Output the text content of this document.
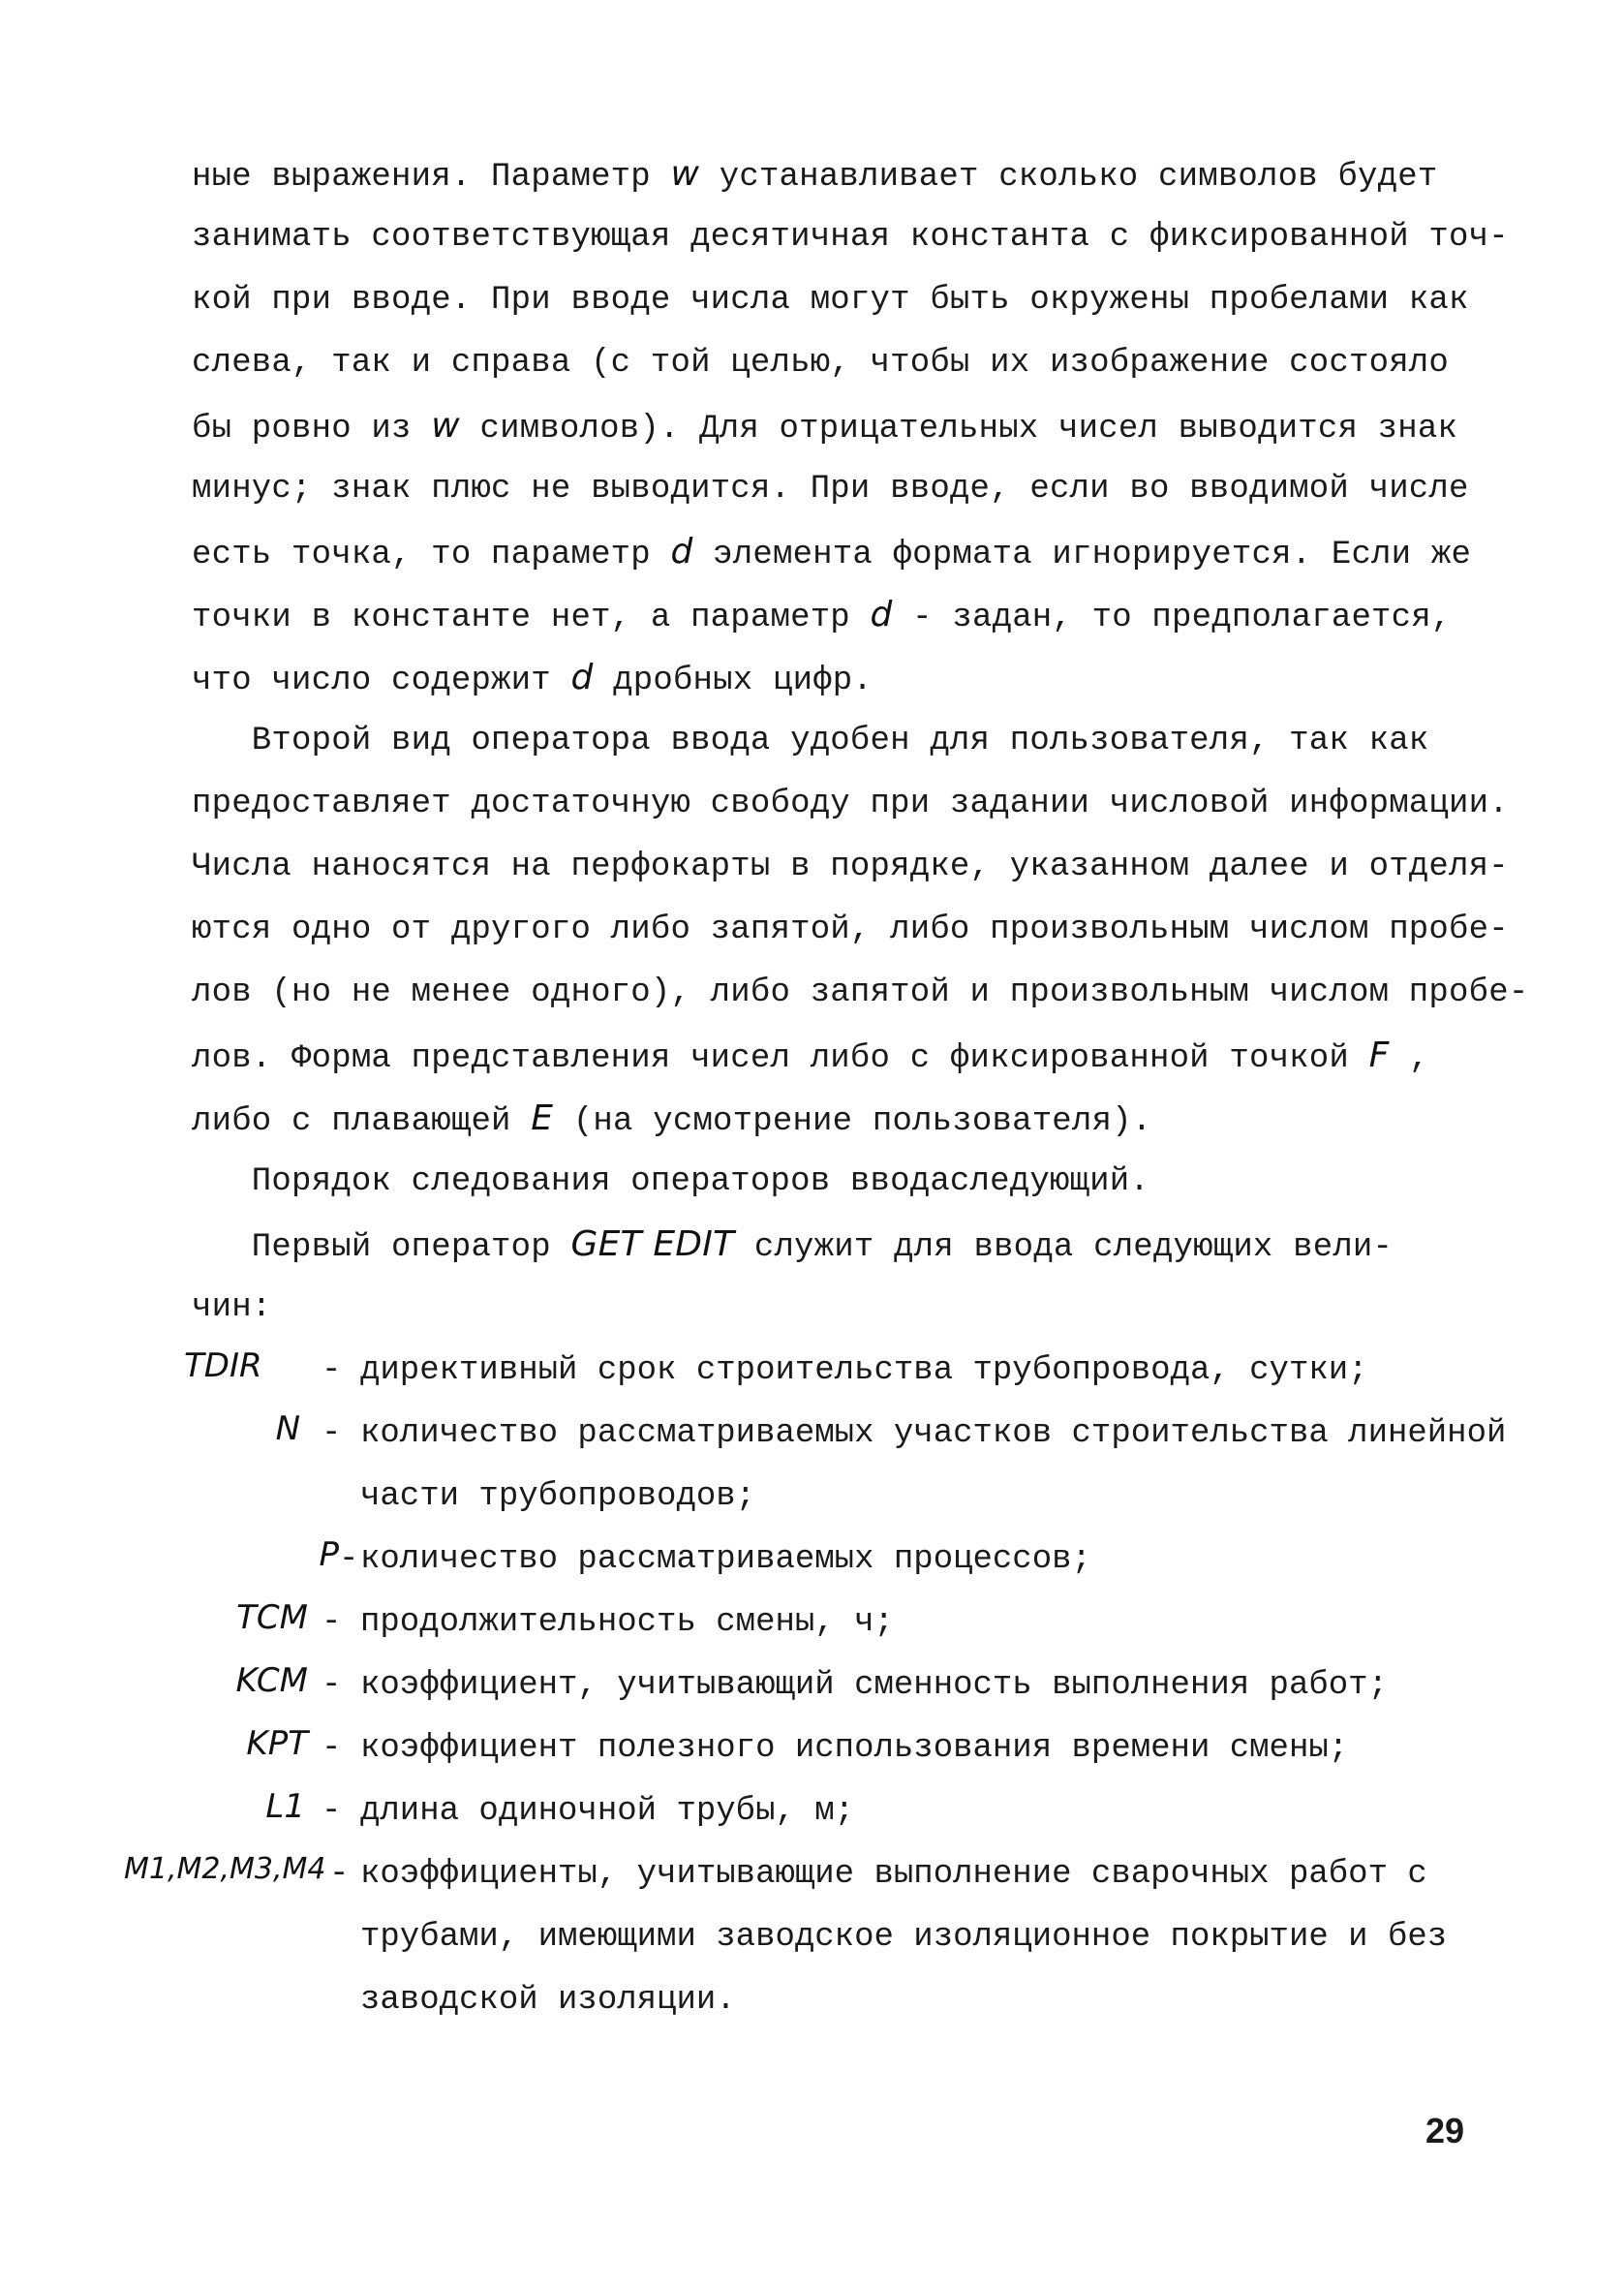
ные выражения. Параметр w устанавливает сколько символов будет
занимать соответствующая десятичная константа с фиксированной точ-
кой при вводе. При вводе числа могут быть окружены пробелами как
слева, так и справа (с той целью, чтобы их изображение состояло
бы ровно из w символов). Для отрицательных чисел выводится знак
минус; знак плюс не выводится. При вводе, если во вводимой числе
есть точка, то параметр d элемента формата игнорируется. Если же
точки в константе нет, а параметр d - задан, то предполагается,
что число содержит d дробных цифр.
Второй вид оператора ввода удобен для пользователя, так как
предоставляет достаточную свободу при задании числовой информации.
Числа наносятся на перфокарты в порядке, указанном далее и отделя-
ются одно от другого либо запятой, либо произвольным числом пробе-
лов (но не менее одного), либо запятой и произвольным числом пробе-
лов. Форма представления чисел либо с фиксированной точкой F ,
либо с плавающей E (на усмотрение пользователя).
Порядок следования операторов вводаследующий.
Первый оператор GET EDIT служит для ввода следующих вели-
чин:
TDIR	- директивный срок строительства трубопровода, сутки;
N - количество рассматриваемых участков строительства линейной
части трубопроводов;
P - количество рассматриваемых процессов;
TCM - продолжительность смены, ч;
KCM - коэффициент, учитывающий сменность выполнения работ;
KPT - коэффициент полезного использования времени смены;
L1 - длина одиночной трубы, м;
M1,M2,M3,M4 - коэффициенты, учитывающие выполнение сварочных работ с
трубами, имеющими заводское изоляционное покрытие и без
заводской изоляции.
29
